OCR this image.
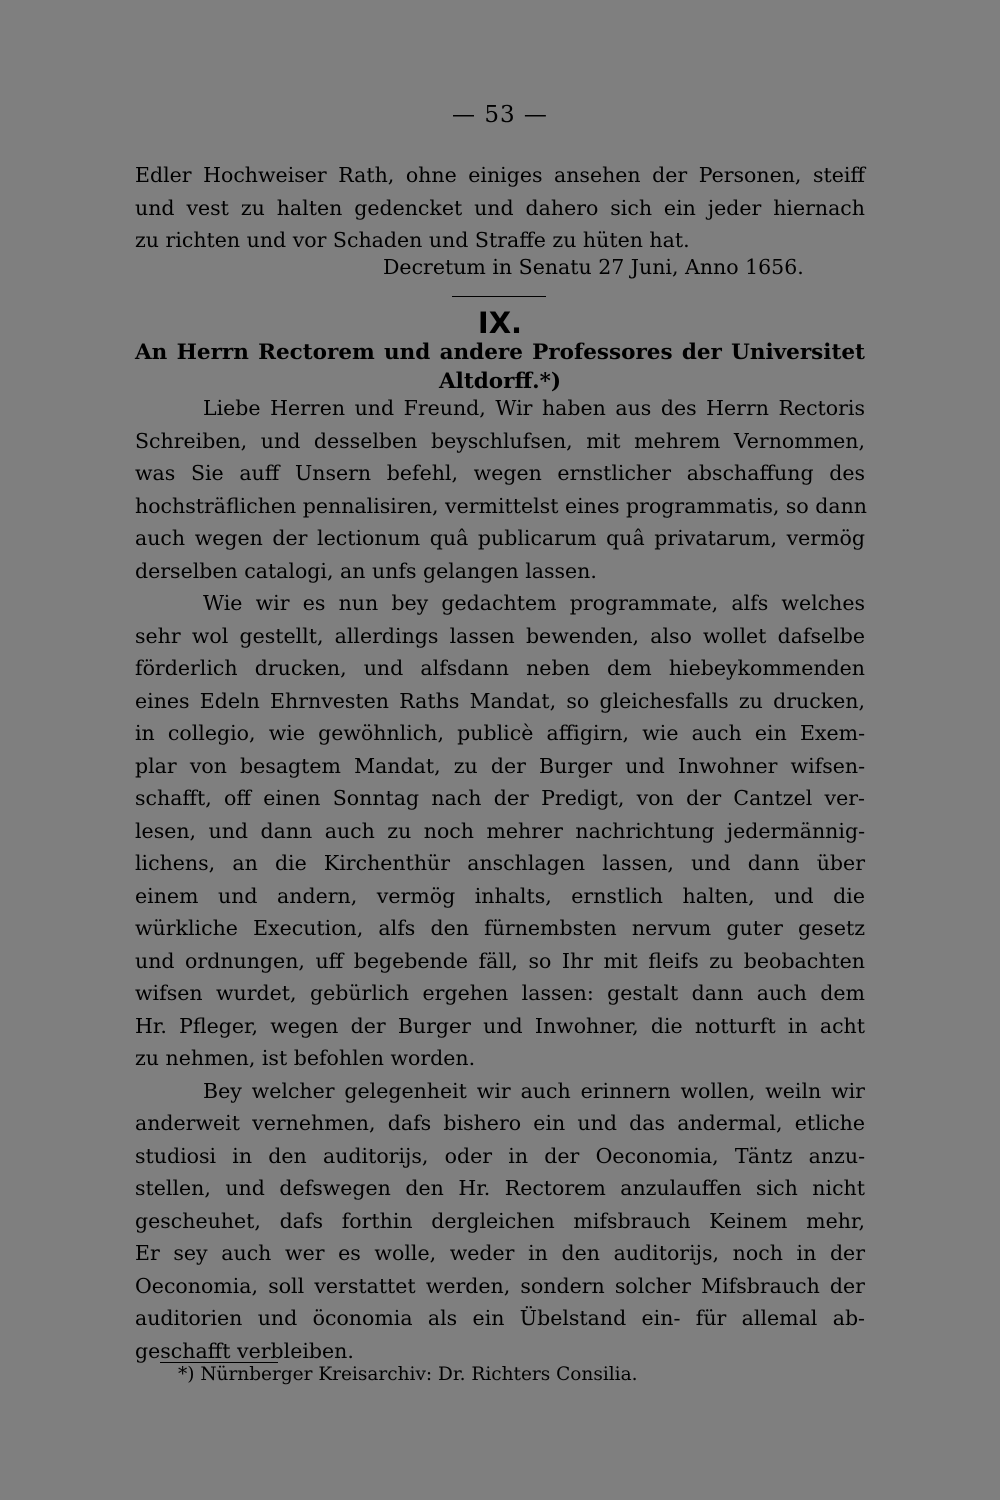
— 53 —
Edler Hochweiser Rath, ohne einiges ansehen der Personen, steiff
und vest zu halten gedencket und dahero sich ein jeder hiernach
zu richten und vor Schaden und Straffe zu hüten hat.
Decretum in Senatu 27 Juni, Anno 1656.
IX.
An Herrn Rectorem und andere Professores der Universitet
Altdorff.*)
Liebe Herren und Freund, Wir haben aus des Herrn Rectoris
Schreiben, und desselben beyschlufsen, mit mehrem Vernommen,
was Sie auff Unsern befehl, wegen ernstlicher abschaffung des
hochsträflichen pennalisiren, vermittelst eines programmatis, so dann
auch wegen der lectionum quâ publicarum quâ privatarum, vermög
derselben catalogi, an unfs gelangen lassen.
Wie wir es nun bey gedachtem programmate, alfs welches
sehr wol gestellt, allerdings lassen bewenden, also wollet dafselbe
förderlich drucken, und alfsdann neben dem hiebeykommenden
eines Edeln Ehrnvesten Raths Mandat, so gleichesfalls zu drucken,
in collegio, wie gewöhnlich, publicè affigirn, wie auch ein Exem-
plar von besagtem Mandat, zu der Burger und Inwohner wifsen-
schafft, off einen Sonntag nach der Predigt, von der Cantzel ver-
lesen, und dann auch zu noch mehrer nachrichtung jedermännig-
lichens, an die Kirchenthür anschlagen lassen, und dann über
einem und andern, vermög inhalts, ernstlich halten, und die
würkliche Execution, alfs den fürnembsten nervum guter gesetz
und ordnungen, uff begebende fäll, so Ihr mit fleifs zu beobachten
wifsen wurdet, gebürlich ergehen lassen: gestalt dann auch dem
Hr. Pfleger, wegen der Burger und Inwohner, die notturft in acht
zu nehmen, ist befohlen worden.
Bey welcher gelegenheit wir auch erinnern wollen, weiln wir
anderweit vernehmen, dafs bishero ein und das andermal, etliche
studiosi in den auditorijs, oder in der Oeconomia, Täntz anzu-
stellen, und defswegen den Hr. Rectorem anzulauffen sich nicht
gescheuhet, dafs forthin dergleichen mifsbrauch Keinem mehr,
Er sey auch wer es wolle, weder in den auditorijs, noch in der
Oeconomia, soll verstattet werden, sondern solcher Mifsbrauch der
auditorien und öconomia als ein Übelstand ein- für allemal ab-
geschafft verbleiben.
*) Nürnberger Kreisarchiv: Dr. Richters Consilia.
